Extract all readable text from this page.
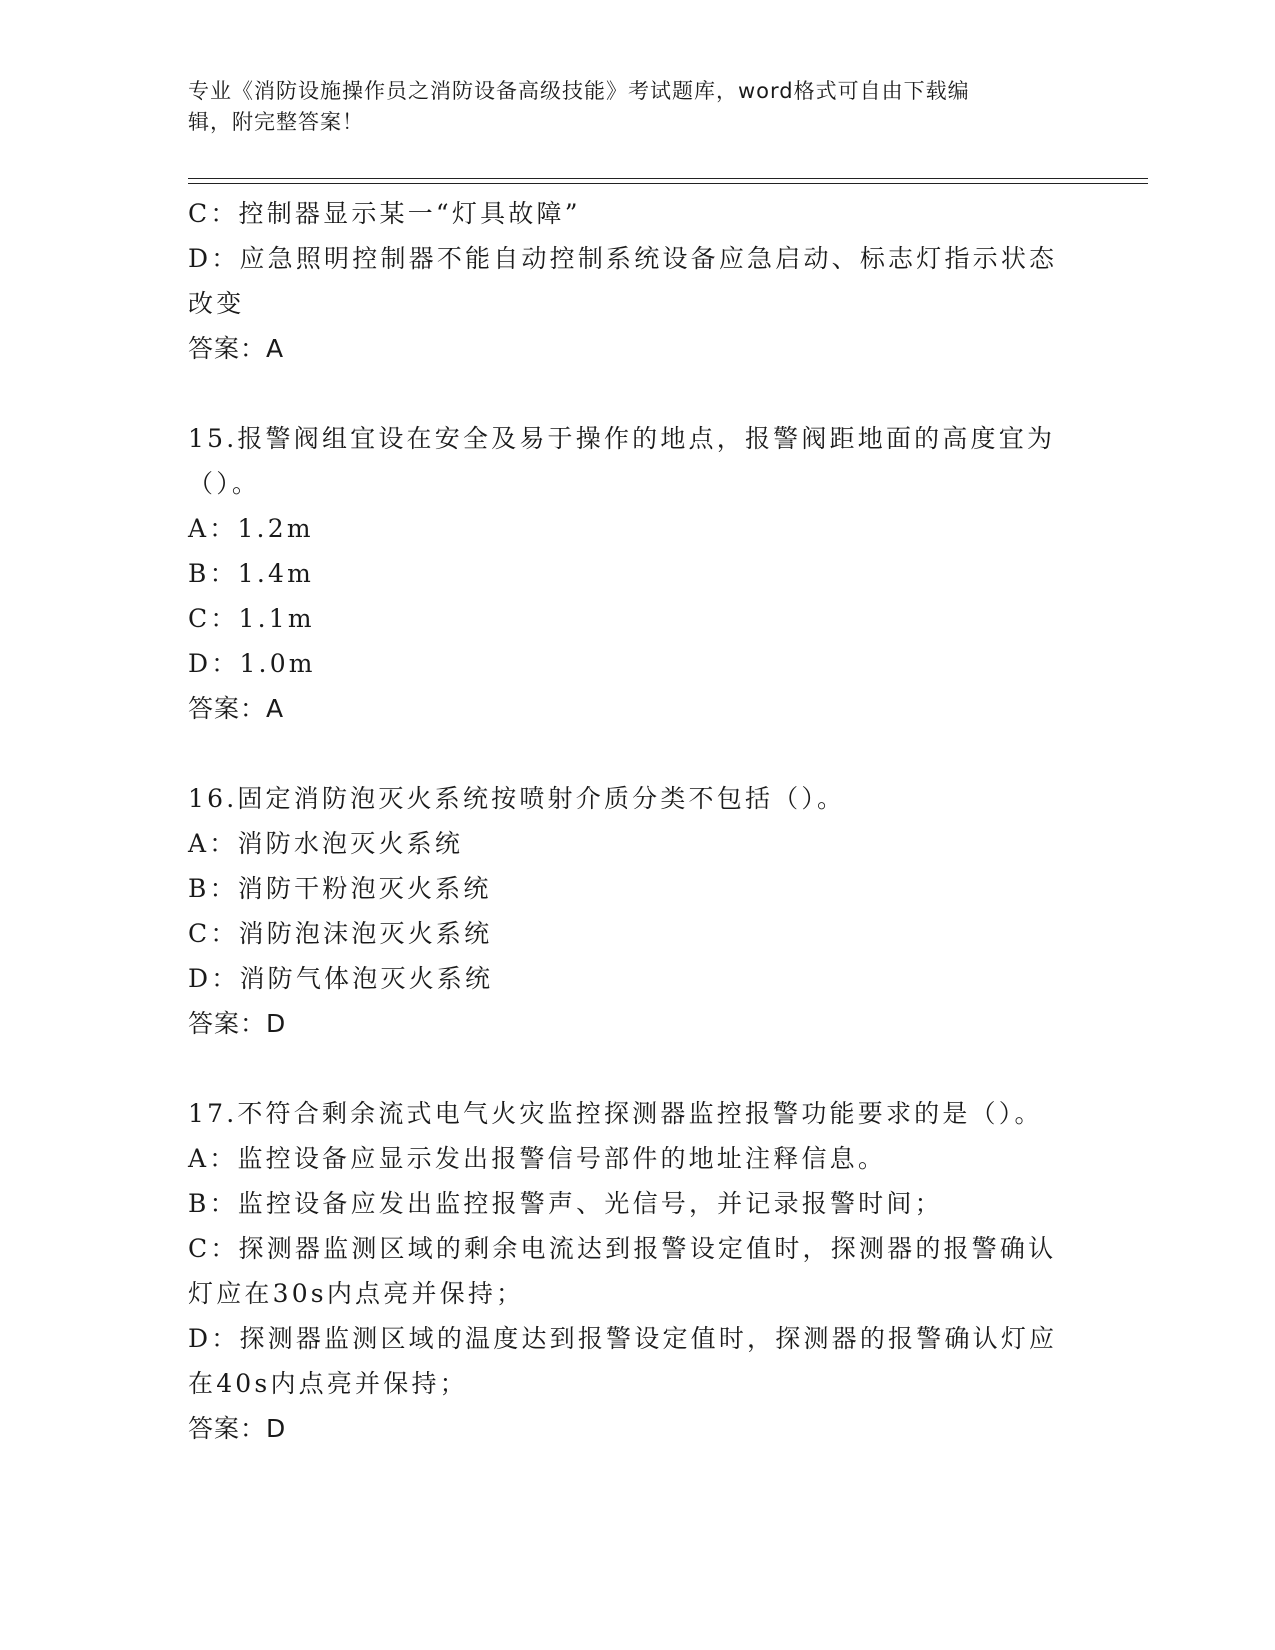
专业《消防设施操作员之消防设备高级技能》考试题库，word格式可自由下载编
辑，附完整答案！

C：控制器显示某一“灯具故障”

D：应急照明控制器不能自动控制系统设备应急启动、标志灯指示状态

改变

答案：A

15.报警阀组宜设在安全及易于操作的地点，报警阀距地面的高度宜为

（）。

A：1.2m

B：1.4m

C：1.1m

D：1.0m

答案：A

16.固定消防泡灭火系统按喷射介质分类不包括（）。

A：消防水泡灭火系统

B：消防干粉泡灭火系统

C：消防泡沫泡灭火系统

D：消防气体泡灭火系统

答案：D

17.不符合剩余流式电气火灾监控探测器监控报警功能要求的是（）。

A：监控设备应显示发出报警信号部件的地址注释信息。

B：监控设备应发出监控报警声、光信号，并记录报警时间；

C：探测器监测区域的剩余电流达到报警设定值时，探测器的报警确认

灯应在30s内点亮并保持；

D：探测器监测区域的温度达到报警设定值时，探测器的报警确认灯应

在40s内点亮并保持；

答案：D
